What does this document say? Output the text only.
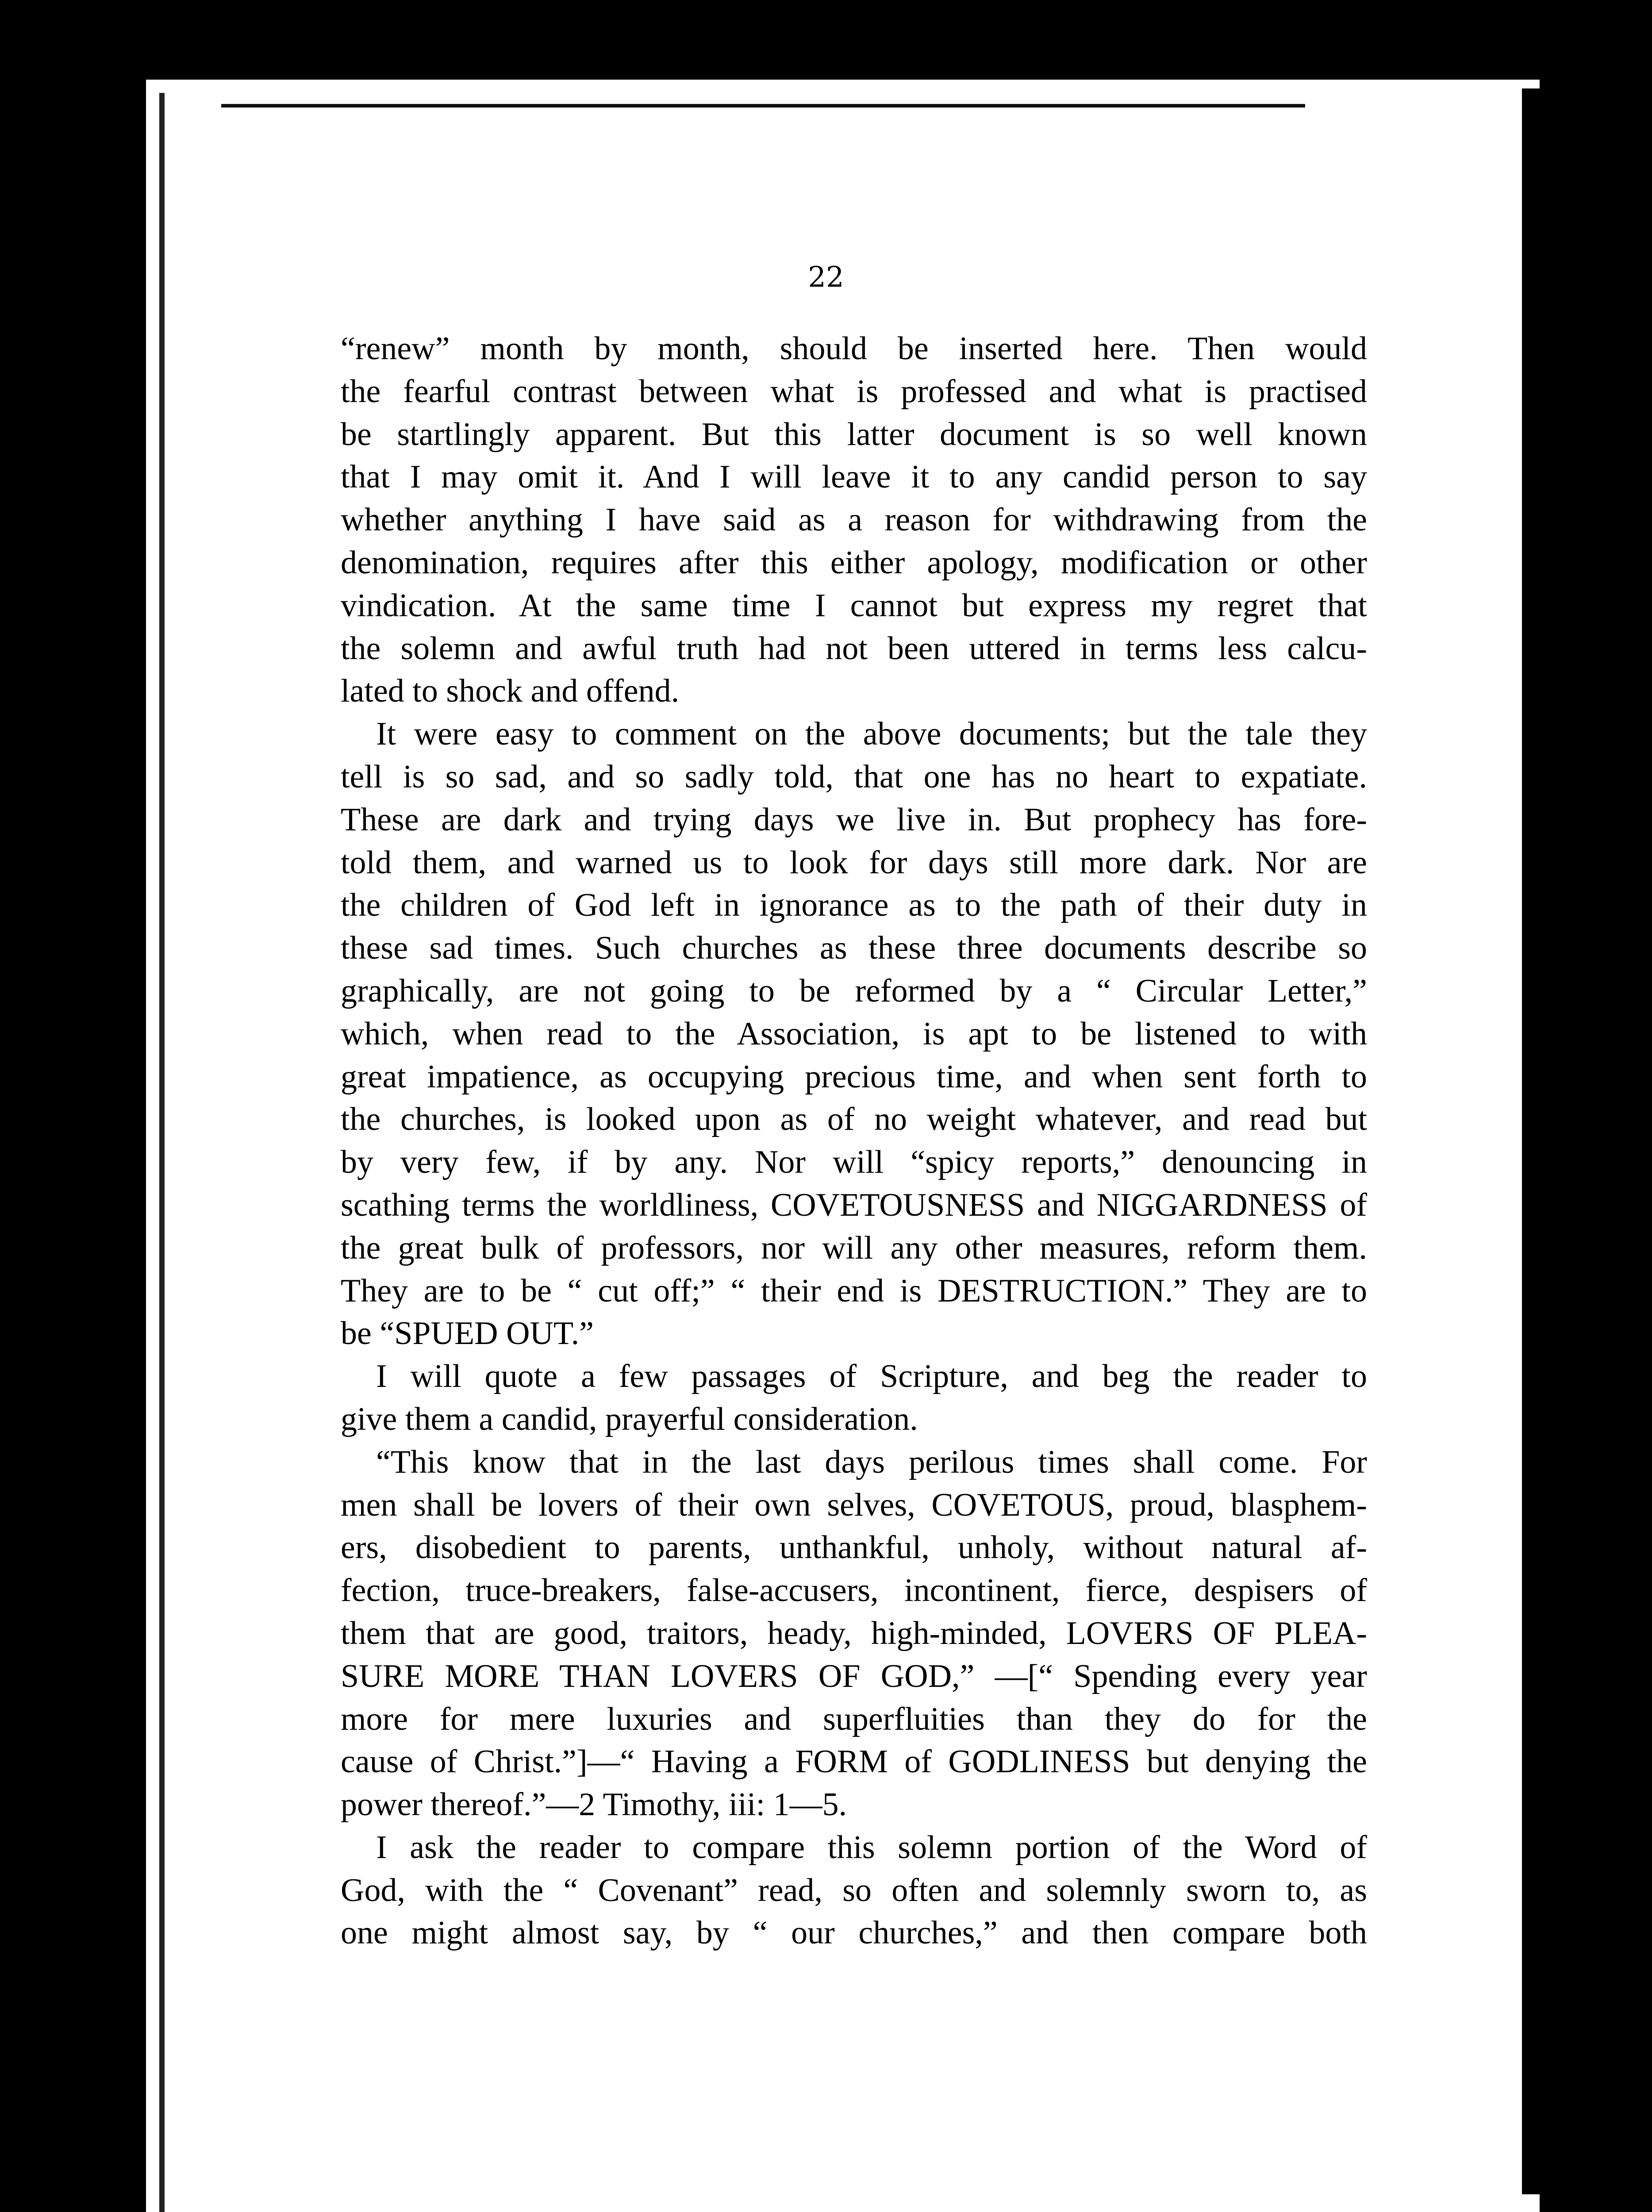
22
“renew” month by month, should be inserted here. Then would
the fearful contrast between what is professed and what is practised
be startlingly apparent. But this latter document is so well known
that I may omit it. And I will leave it to any candid person to say
whether anything I have said as a reason for withdrawing from the
denomination, requires after this either apology, modification or other
vindication. At the same time I cannot but express my regret that
the solemn and awful truth had not been uttered in terms less calcu-
lated to shock and offend.
It were easy to comment on the above documents; but the tale they
tell is so sad, and so sadly told, that one has no heart to expatiate.
These are dark and trying days we live in. But prophecy has fore-
told them, and warned us to look for days still more dark. Nor are
the children of God left in ignorance as to the path of their duty in
these sad times. Such churches as these three documents describe so
graphically, are not going to be reformed by a “ Circular Letter,”
which, when read to the Association, is apt to be listened to with
great impatience, as occupying precious time, and when sent forth to
the churches, is looked upon as of no weight whatever, and read but
by very few, if by any. Nor will “spicy reports,” denouncing in
scathing terms the worldliness, COVETOUSNESS and NIGGARDNESS of
the great bulk of professors, nor will any other measures, reform them.
They are to be “ cut off;” “ their end is DESTRUCTION.” They are to
be “SPUED OUT.”
I will quote a few passages of Scripture, and beg the reader to
give them a candid, prayerful consideration.
“This know that in the last days perilous times shall come. For
men shall be lovers of their own selves, COVETOUS, proud, blasphem-
ers, disobedient to parents, unthankful, unholy, without natural af-
fection, truce-breakers, false-accusers, incontinent, fierce, despisers of
them that are good, traitors, heady, high-minded, LOVERS OF PLEA-
SURE MORE THAN LOVERS OF GOD,” —[“ Spending every year
more for mere luxuries and superfluities than they do for the
cause of Christ.”]—“ Having a FORM of GODLINESS but denying the
power thereof.”—2 Timothy, iii: 1—5.
I ask the reader to compare this solemn portion of the Word of
God, with the “ Covenant” read, so often and solemnly sworn to, as
one might almost say, by “ our churches,” and then compare both
